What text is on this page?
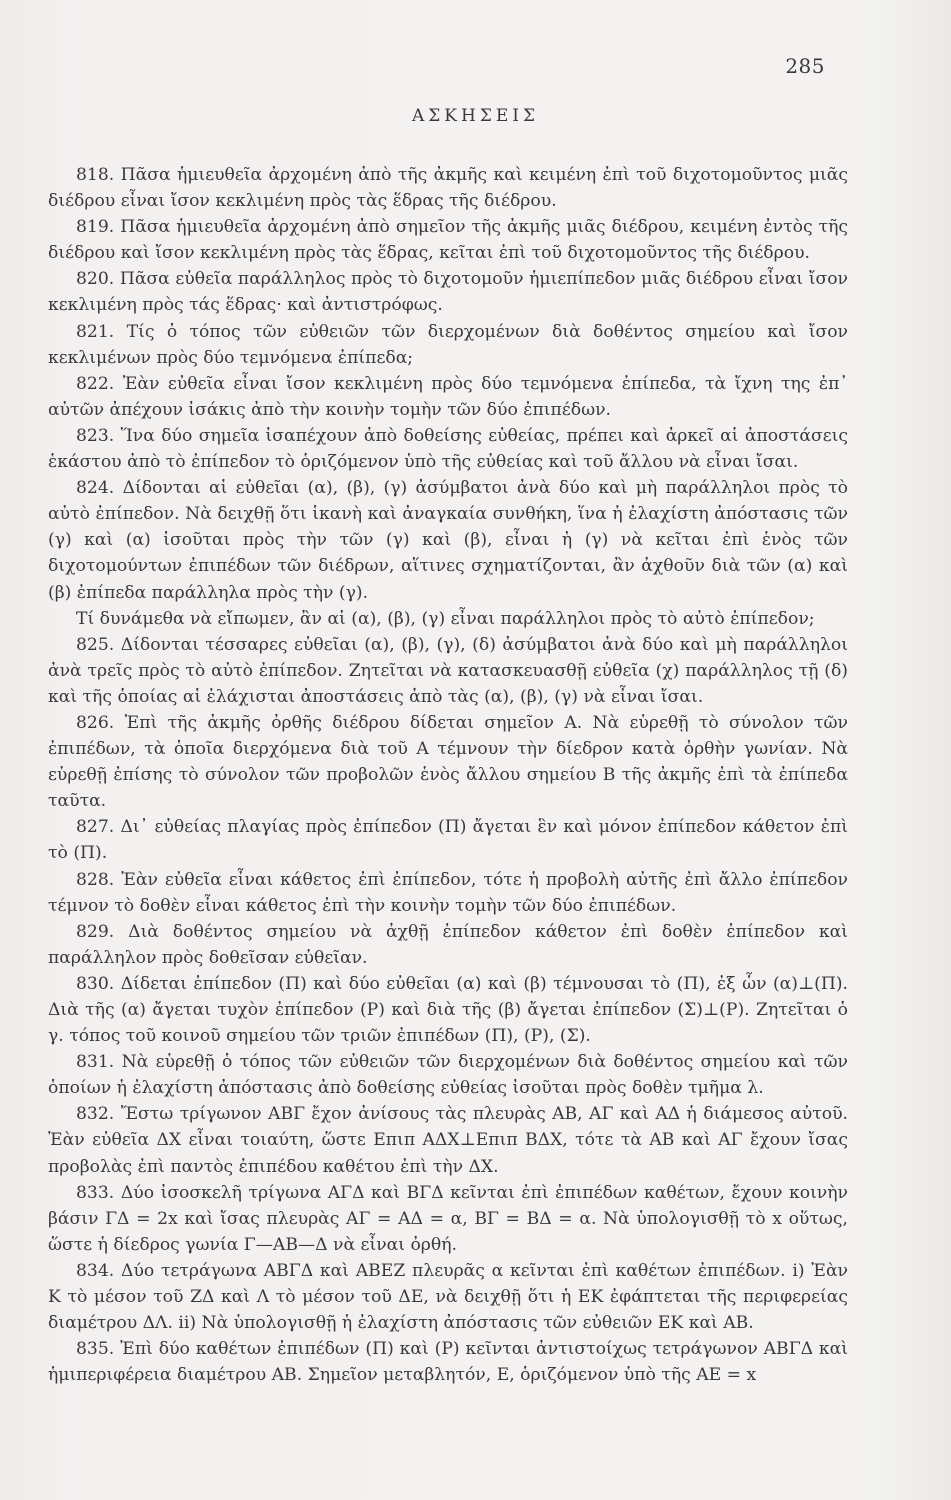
285
ΑΣΚΗΣΕΙΣ

818. Πᾶσα ἡμιευθεῖα ἀρχομένη ἀπὸ τῆς ἀκμῆς καὶ κειμένη ἐπὶ τοῦ διχοτομοῦντος μιᾶς διέδρου εἶναι ἴσον κεκλιμένη πρὸς τὰς ἕδρας τῆς διέδρου.

819. Πᾶσα ἡμιευθεῖα ἀρχομένη ἀπὸ σημεῖον τῆς ἀκμῆς μιᾶς διέδρου, κειμένη ἐντὸς τῆς διέδρου καὶ ἴσον κεκλιμένη πρὸς τὰς ἕδρας, κεῖται ἐπὶ τοῦ διχοτομοῦντος τῆς διέδρου.

820. Πᾶσα εὐθεῖα παράλληλος πρὸς τὸ διχοτομοῦν ἡμιεπίπεδον μιᾶς διέδρου εἶναι ἴσον κεκλιμένη πρὸς τάς ἕδρας· καὶ ἀντιστρόφως.

821. Τίς ὁ τόπος τῶν εὐθειῶν τῶν διερχομένων διὰ δοθέντος σημείου καὶ ἴσον κεκλιμένων πρὸς δύο τεμνόμενα ἐπίπεδα;

822. Ἐὰν εὐθεῖα εἶναι ἴσον κεκλιμένη πρὸς δύο τεμνόμενα ἐπίπεδα, τὰ ἴχνη της ἐπ᾽ αὐτῶν ἀπέχουν ἰσάκις ἀπὸ τὴν κοινὴν τομὴν τῶν δύο ἐπιπέδων.

823. Ἵνα δύο σημεῖα ἰσαπέχουν ἀπὸ δοθείσης εὐθείας, πρέπει καὶ ἀρκεῖ αἱ ἀποστάσεις ἑκάστου ἀπὸ τὸ ἐπίπεδον τὸ ὁριζόμενον ὑπὸ τῆς εὐθείας καὶ τοῦ ἄλλου νὰ εἶναι ἴσαι.

824. Δίδονται αἱ εὐθεῖαι (α), (β), (γ) ἀσύμβατοι ἀνὰ δύο καὶ μὴ παράλληλοι πρὸς τὸ αὐτὸ ἐπίπεδον. Νὰ δειχθῇ ὅτι ἱκανὴ καὶ ἀναγκαία συνθήκη, ἵνα ἡ ἐλαχίστη ἀπόστασις τῶν (γ) καὶ (α) ἰσοῦται πρὸς τὴν τῶν (γ) καὶ (β), εἶναι ἡ (γ) νὰ κεῖται ἐπὶ ἑνὸς τῶν διχοτομούντων ἐπιπέδων τῶν διέδρων, αἵτινες σχηματίζονται, ἂν ἀχθοῦν διὰ τῶν (α) καὶ (β) ἐπίπεδα παράλληλα πρὸς τὴν (γ).

Τί δυνάμεθα νὰ εἴπωμεν, ἂν αἱ (α), (β), (γ) εἶναι παράλληλοι πρὸς τὸ αὐτὸ ἐπίπεδον;

825. Δίδονται τέσσαρες εὐθεῖαι (α), (β), (γ), (δ) ἀσύμβατοι ἀνὰ δύο καὶ μὴ παράλληλοι ἀνὰ τρεῖς πρὸς τὸ αὐτὸ ἐπίπεδον. Ζητεῖται νὰ κατασκευασθῇ εὐθεῖα (χ) παράλληλος τῇ (δ) καὶ τῆς ὁποίας αἱ ἐλάχισται ἀποστάσεις ἀπὸ τὰς (α), (β), (γ) νὰ εἶναι ἴσαι.

826. Ἐπὶ τῆς ἀκμῆς ὀρθῆς διέδρου δίδεται σημεῖον Α. Νὰ εὑρεθῇ τὸ σύνολον τῶν ἐπιπέδων, τὰ ὁποῖα διερχόμενα διὰ τοῦ Α τέμνουν τὴν δίεδρον κατὰ ὀρθὴν γωνίαν. Νὰ εὑρεθῇ ἐπίσης τὸ σύνολον τῶν προβολῶν ἑνὸς ἄλλου σημείου Β τῆς ἀκμῆς ἐπὶ τὰ ἐπίπεδα ταῦτα.

827. Δι᾽ εὐθείας πλαγίας πρὸς ἐπίπεδον (Π) ἄγεται ἓν καὶ μόνον ἐπίπεδον κάθετον ἐπὶ τὸ (Π).

828. Ἐὰν εὐθεῖα εἶναι κάθετος ἐπὶ ἐπίπεδον, τότε ἡ προβολὴ αὐτῆς ἐπὶ ἄλλο ἐπίπεδον τέμνον τὸ δοθὲν εἶναι κάθετος ἐπὶ τὴν κοινὴν τομὴν τῶν δύο ἐπιπέδων.

829. Διὰ δοθέντος σημείου νὰ ἀχθῇ ἐπίπεδον κάθετον ἐπὶ δοθὲν ἐπίπεδον καὶ παράλληλον πρὸς δοθεῖσαν εὐθεῖαν.

830. Δίδεται ἐπίπεδον (Π) καὶ δύο εὐθεῖαι (α) καὶ (β) τέμνουσαι τὸ (Π), ἐξ ὧν (α)⊥(Π). Διὰ τῆς (α) ἄγεται τυχὸν ἐπίπεδον (Ρ) καὶ διὰ τῆς (β) ἄγεται ἐπίπεδον (Σ)⊥(Ρ). Ζητεῖται ὁ γ. τόπος τοῦ κοινοῦ σημείου τῶν τριῶν ἐπιπέδων (Π), (Ρ), (Σ).

831. Νὰ εὑρεθῇ ὁ τόπος τῶν εὐθειῶν τῶν διερχομένων διὰ δοθέντος σημείου καὶ τῶν ὁποίων ἡ ἐλαχίστη ἀπόστασις ἀπὸ δοθείσης εὐθείας ἰσοῦται πρὸς δοθὲν τμῆμα λ.

832. Ἔστω τρίγωνον ΑΒΓ ἔχον ἀνίσους τὰς πλευρὰς ΑΒ, ΑΓ καὶ ΑΔ ἡ διάμεσος αὐτοῦ. Ἐὰν εὐθεῖα ΔΧ εἶναι τοιαύτη, ὥστε Επιπ ΑΔΧ⊥Επιπ ΒΔΧ, τότε τὰ ΑΒ καὶ ΑΓ ἔχουν ἴσας προβολὰς ἐπὶ παντὸς ἐπιπέδου καθέτου ἐπὶ τὴν ΔΧ.

833. Δύο ἰσοσκελῆ τρίγωνα ΑΓΔ καὶ ΒΓΔ κεῖνται ἐπὶ ἐπιπέδων καθέτων, ἔχουν κοινὴν βάσιν ΓΔ = 2x καὶ ἴσας πλευρὰς ΑΓ = ΑΔ = α, ΒΓ = ΒΔ = α. Νὰ ὑπολογισθῇ τὸ x οὕτως, ὥστε ἡ δίεδρος γωνία Γ—ΑΒ—Δ νὰ εἶναι ὀρθή.

834. Δύο τετράγωνα ΑΒΓΔ καὶ ΑΒΕΖ πλευρᾶς α κεῖνται ἐπὶ καθέτων ἐπιπέδων. i) Ἐὰν Κ τὸ μέσον τοῦ ΖΔ καὶ Λ τὸ μέσον τοῦ ΔΕ, νὰ δειχθῇ ὅτι ἡ ΕΚ ἐφάπτεται τῆς περιφερείας διαμέτρου ΔΛ. ii) Νὰ ὑπολογισθῇ ἡ ἐλαχίστη ἀπόστασις τῶν εὐθειῶν ΕΚ καὶ ΑΒ.

835. Ἐπὶ δύο καθέτων ἐπιπέδων (Π) καὶ (Ρ) κεῖνται ἀντιστοίχως τετράγωνον ΑΒΓΔ καὶ ἡμιπεριφέρεια διαμέτρου ΑΒ. Σημεῖον μεταβλητόν, Ε, ὁριζόμενον ὑπὸ τῆς ΑΕ = x
